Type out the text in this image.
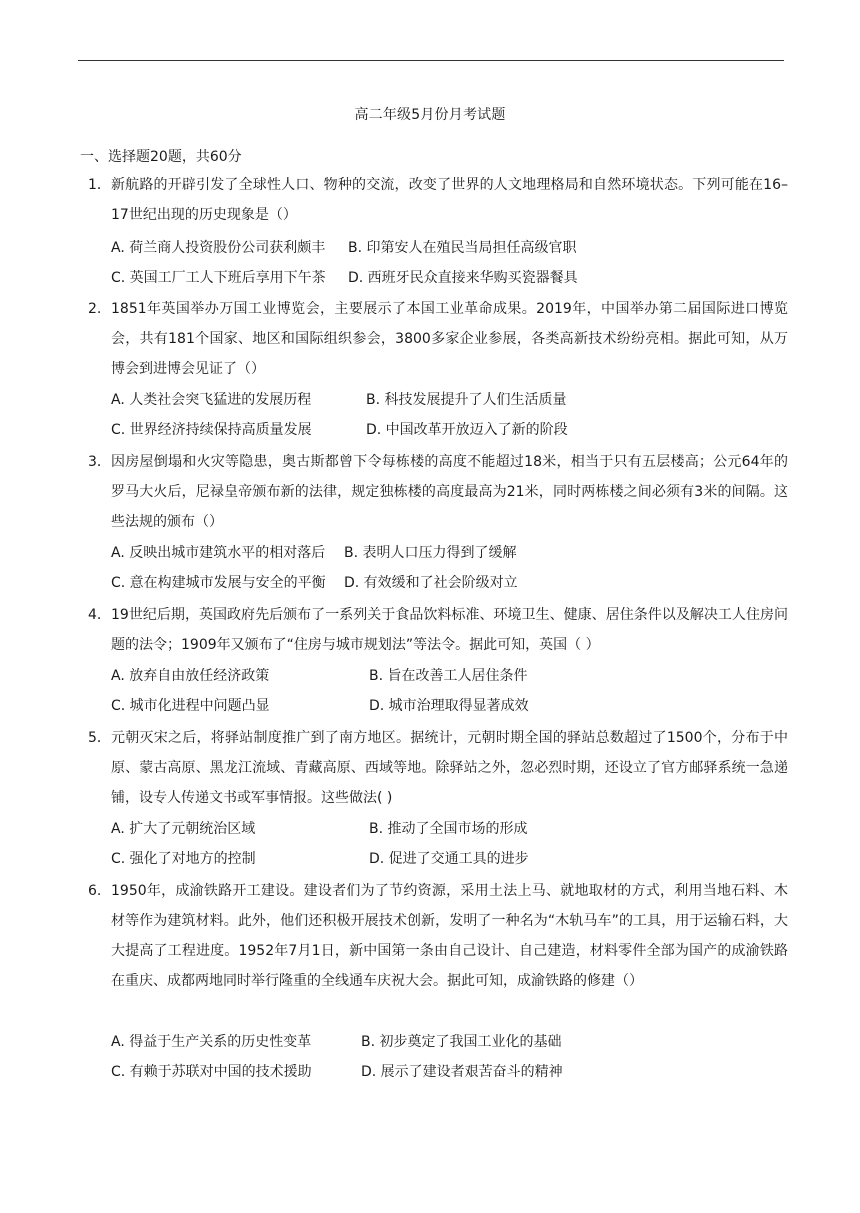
高二年级5月份月考试题
一、选择题20题，共60分
1． 新航路的开辟引发了全球性人口、物种的交流，改变了世界的人文地理格局和自然环境状态。下列可能在16–17世纪出现的历史现象是（）
A. 荷兰商人投资股份公司获利颇丰 B. 印第安人在殖民当局担任高级官职
C. 英国工厂工人下班后享用下午茶 D. 西班牙民众直接来华购买瓷器餐具
2. 1851年英国举办万国工业博览会，主要展示了本国工业革命成果。2019年，中国举办第二届国际进口博览会，共有181个国家、地区和国际组织参会，3800多家企业参展，各类高新技术纷纷亮相。据此可知，从万博会到进博会见证了（）
A. 人类社会突飞猛进的发展历程	B. 科技发展提升了人们生活质量
C. 世界经济持续保持高质量发展	D. 中国改革开放迈入了新的阶段
3． 因房屋倒塌和火灾等隐患，奥古斯都曾下令每栋楼的高度不能超过18米，相当于只有五层楼高；公元64年的罗马大火后，尼禄皇帝颁布新的法律，规定独栋楼的高度最高为21米，同时两栋楼之间必须有3米的间隔。这些法规的颁布（）
A. 反映出城市建筑水平的相对落后 B. 表明人口压力得到了缓解
C. 意在构建城市发展与安全的平衡 D. 有效缓和了社会阶级对立
4. 19世纪后期，英国政府先后颁布了一系列关于食品饮料标准、环境卫生、健康、居住条件以及解决工人住房问题的法令；1909年又颁布了“住房与城市规划法”等法令。据此可知，英国（ ）
A. 放弃自由放任经济政策	B. 旨在改善工人居住条件
C. 城市化进程中问题凸显	D. 城市治理取得显著成效
5． 元朝灭宋之后，将驿站制度推广到了南方地区。据统计，元朝时期全国的驿站总数超过了1500个，分布于中原、蒙古高原、黑龙江流域、青藏高原、西域等地。除驿站之外，忽必烈时期，还设立了官方邮驿系统一急递铺，设专人传递文书或军事情报。这些做法( )
A. 扩大了元朝统治区域	B. 推动了全国市场的形成
C. 强化了对地方的控制	D. 促进了交通工具的进步
6. 1950年，成渝铁路开工建设。建设者们为了节约资源，采用土法上马、就地取材的方式，利用当地石料、木材等作为建筑材料。此外，他们还积极开展技术创新，发明了一种名为“木轨马车”的工具，用于运输石料，大大提高了工程进度。1952年7月1日，新中国第一条由自己设计、自己建造，材料零件全部为国产的成渝铁路在重庆、成都两地同时举行隆重的全线通车庆祝大会。据此可知，成渝铁路的修建（）
A. 得益于生产关系的历史性变革	B. 初步奠定了我国工业化的基础
C. 有赖于苏联对中国的技术援助	D. 展示了建设者艰苦奋斗的精神
